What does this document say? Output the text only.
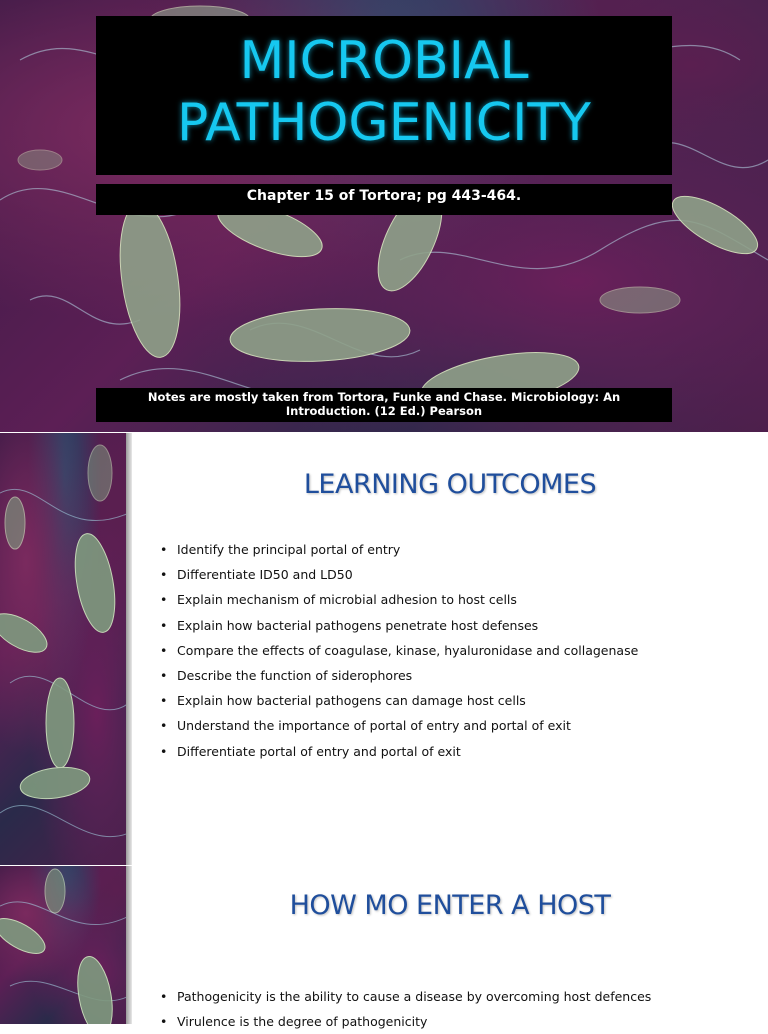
MICROBIAL
PATHOGENICITY
Chapter 15 of Tortora; pg 443-464.
Notes are mostly taken from Tortora, Funke and Chase. Microbiology: An
Introduction. (12 Ed.) Pearson
LEARNING OUTCOMES
• Identify the principal portal of entry
• Differentiate ID50 and LD50
• Explain mechanism of microbial adhesion to host cells
• Explain how bacterial pathogens penetrate host defenses
• Compare the effects of coagulase, kinase, hyaluronidase and collagenase
• Describe the function of siderophores
• Explain how bacterial pathogens can damage host cells
• Understand the importance of portal of entry and portal of exit
• Differentiate portal of entry and portal of exit
HOW MO ENTER A HOST
• Pathogenicity is the ability to cause a disease by overcoming host defences
• Virulence is the degree of pathogenicity
